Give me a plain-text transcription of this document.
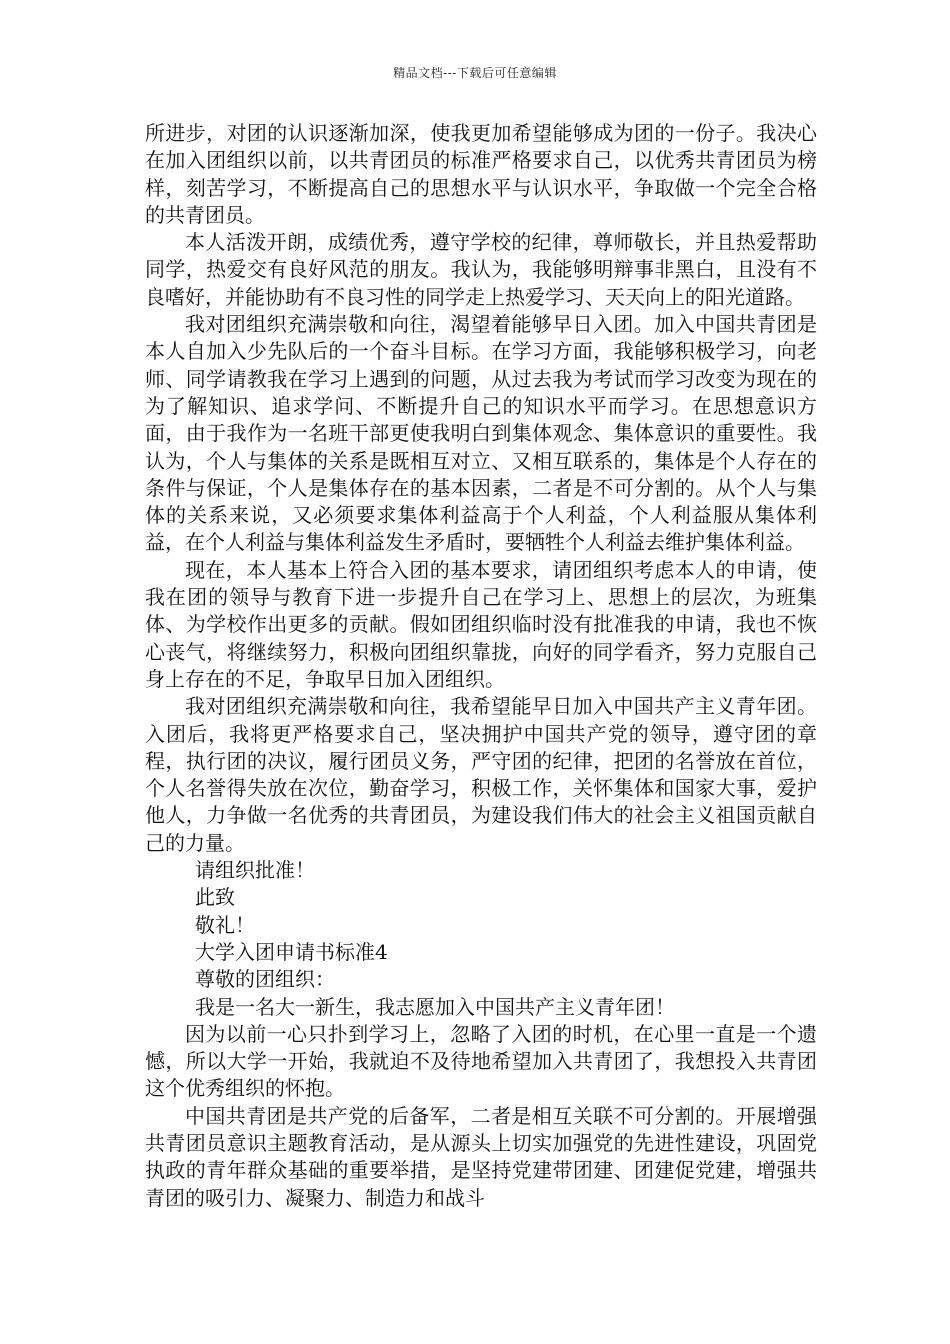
精品文档---下载后可任意编辑

所进步，对团的认识逐渐加深，使我更加希望能够成为团的一份子。我决心在加入团组织以前，以共青团员的标准严格要求自己，以优秀共青团员为榜样，刻苦学习，不断提高自己的思想水平与认识水平，争取做一个完全合格的共青团员。

本人活泼开朗，成绩优秀，遵守学校的纪律，尊师敬长，并且热爱帮助同学，热爱交有良好风范的朋友。我认为，我能够明辩事非黑白，且没有不良嗜好，并能协助有不良习性的同学走上热爱学习、天天向上的阳光道路。

我对团组织充满崇敬和向往，渴望着能够早日入团。加入中国共青团是本人自加入少先队后的一个奋斗目标。在学习方面，我能够积极学习，向老师、同学请教我在学习上遇到的问题，从过去我为考试而学习改变为现在的为了解知识、追求学问、不断提升自己的知识水平而学习。在思想意识方面，由于我作为一名班干部更使我明白到集体观念、集体意识的重要性。我认为，个人与集体的关系是既相互对立、又相互联系的，集体是个人存在的条件与保证，个人是集体存在的基本因素，二者是不可分割的。从个人与集体的关系来说，又必须要求集体利益高于个人利益，个人利益服从集体利益，在个人利益与集体利益发生矛盾时，要牺牲个人利益去维护集体利益。

现在，本人基本上符合入团的基本要求，请团组织考虑本人的申请，使我在团的领导与教育下进一步提升自己在学习上、思想上的层次，为班集体、为学校作出更多的贡献。假如团组织临时没有批准我的申请，我也不恢心丧气，将继续努力，积极向团组织靠拢，向好的同学看齐，努力克服自己身上存在的不足，争取早日加入团组织。

我对团组织充满崇敬和向往，我希望能早日加入中国共产主义青年团。入团后，我将更严格要求自己，坚决拥护中国共产党的领导，遵守团的章程，执行团的决议，履行团员义务，严守团的纪律，把团的名誉放在首位，个人名誉得失放在次位，勤奋学习，积极工作，关怀集体和国家大事，爱护他人，力争做一名优秀的共青团员，为建设我们伟大的社会主义祖国贡献自己的力量。

请组织批准！

此致

敬礼！

大学入团申请书标准4

尊敬的团组织：

我是一名大一新生，我志愿加入中国共产主义青年团！

因为以前一心只扑到学习上，忽略了入团的时机，在心里一直是一个遗憾，所以大学一开始，我就迫不及待地希望加入共青团了，我想投入共青团这个优秀组织的怀抱。

中国共青团是共产党的后备军，二者是相互关联不可分割的。开展增强共青团员意识主题教育活动，是从源头上切实加强党的先进性建设，巩固党执政的青年群众基础的重要举措，是坚持党建带团建、团建促党建，增强共青团的吸引力、凝聚力、制造力和战斗
